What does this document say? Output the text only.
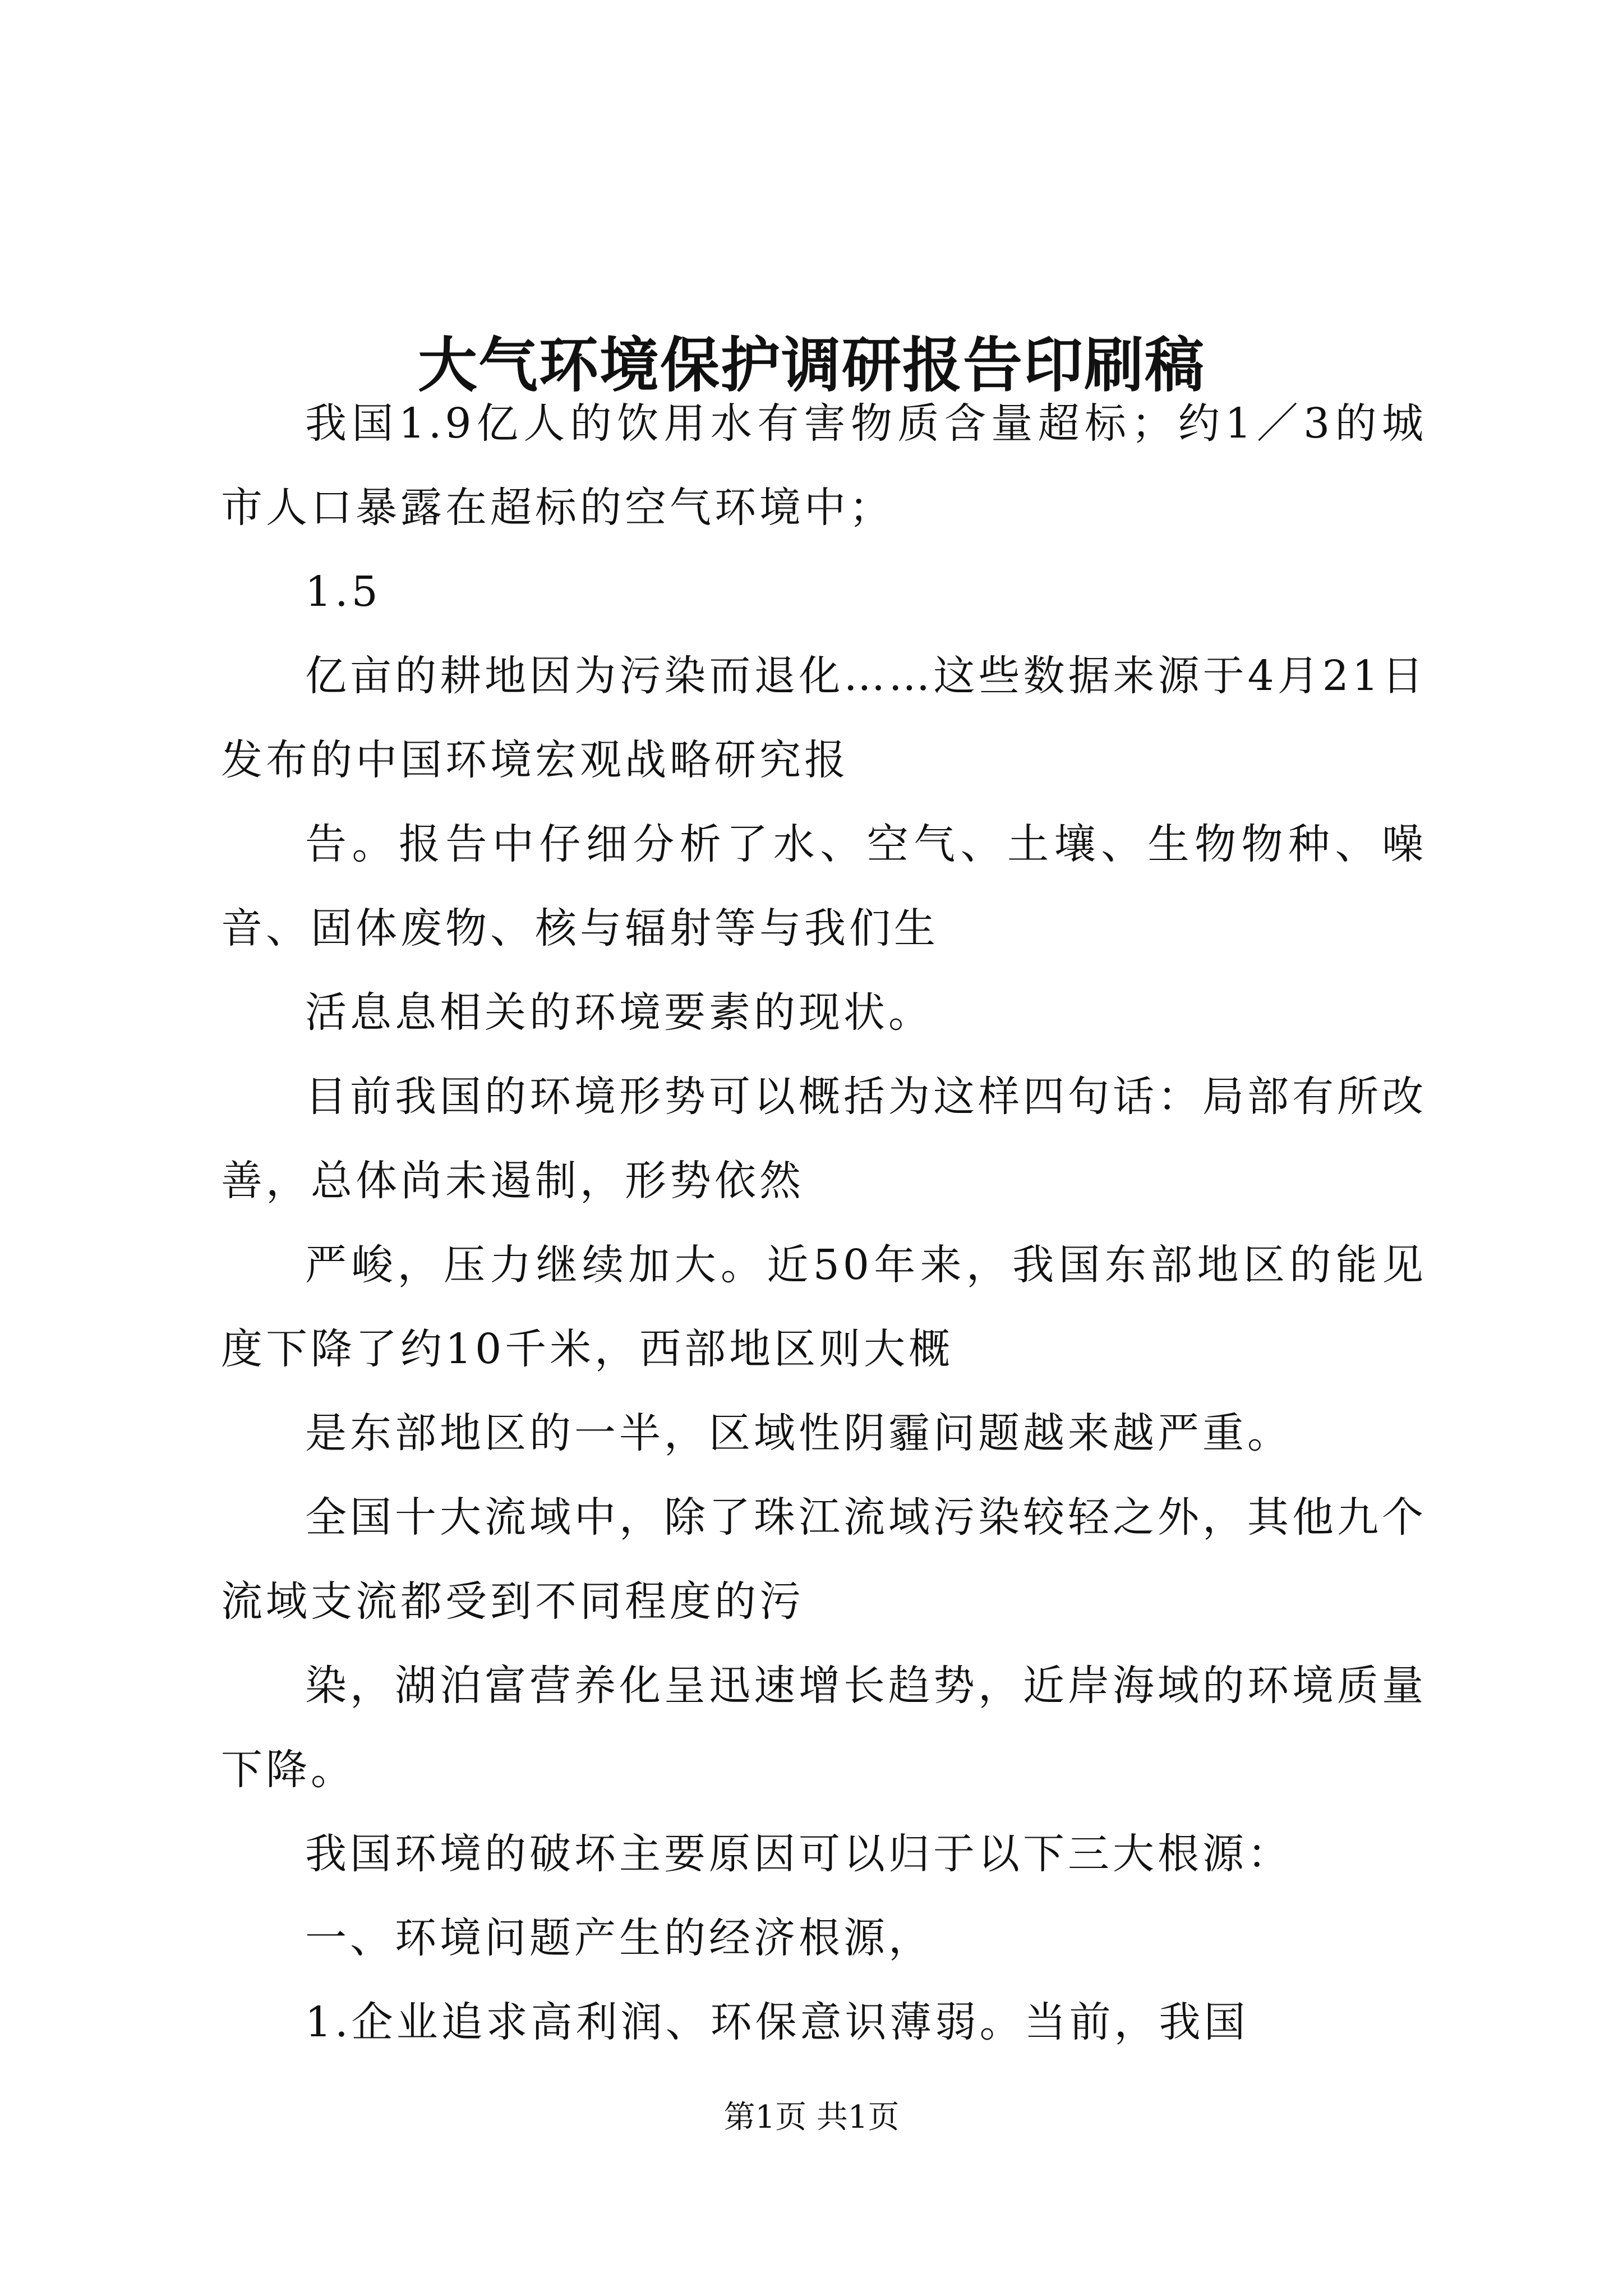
大气环境保护调研报告印刷稿

我国1.9亿人的饮用水有害物质含量超标；约1／3的城市人口暴露在超标的空气环境中；

1.5

亿亩的耕地因为污染而退化……这些数据来源于4月21日发布的中国环境宏观战略研究报

告。报告中仔细分析了水、空气、土壤、生物物种、噪音、固体废物、核与辐射等与我们生

活息息相关的环境要素的现状。

目前我国的环境形势可以概括为这样四句话：局部有所改善，总体尚未遏制，形势依然

严峻，压力继续加大。近50年来，我国东部地区的能见度下降了约10千米，西部地区则大概

是东部地区的一半，区域性阴霾问题越来越严重。

全国十大流域中，除了珠江流域污染较轻之外，其他九个流域支流都受到不同程度的污

染，湖泊富营养化呈迅速增长趋势，近岸海域的环境质量下降。

我国环境的破坏主要原因可以归于以下三大根源：

一、环境问题产生的经济根源，

1.企业追求高利润、环保意识薄弱。当前，我国

第1页 共1页
